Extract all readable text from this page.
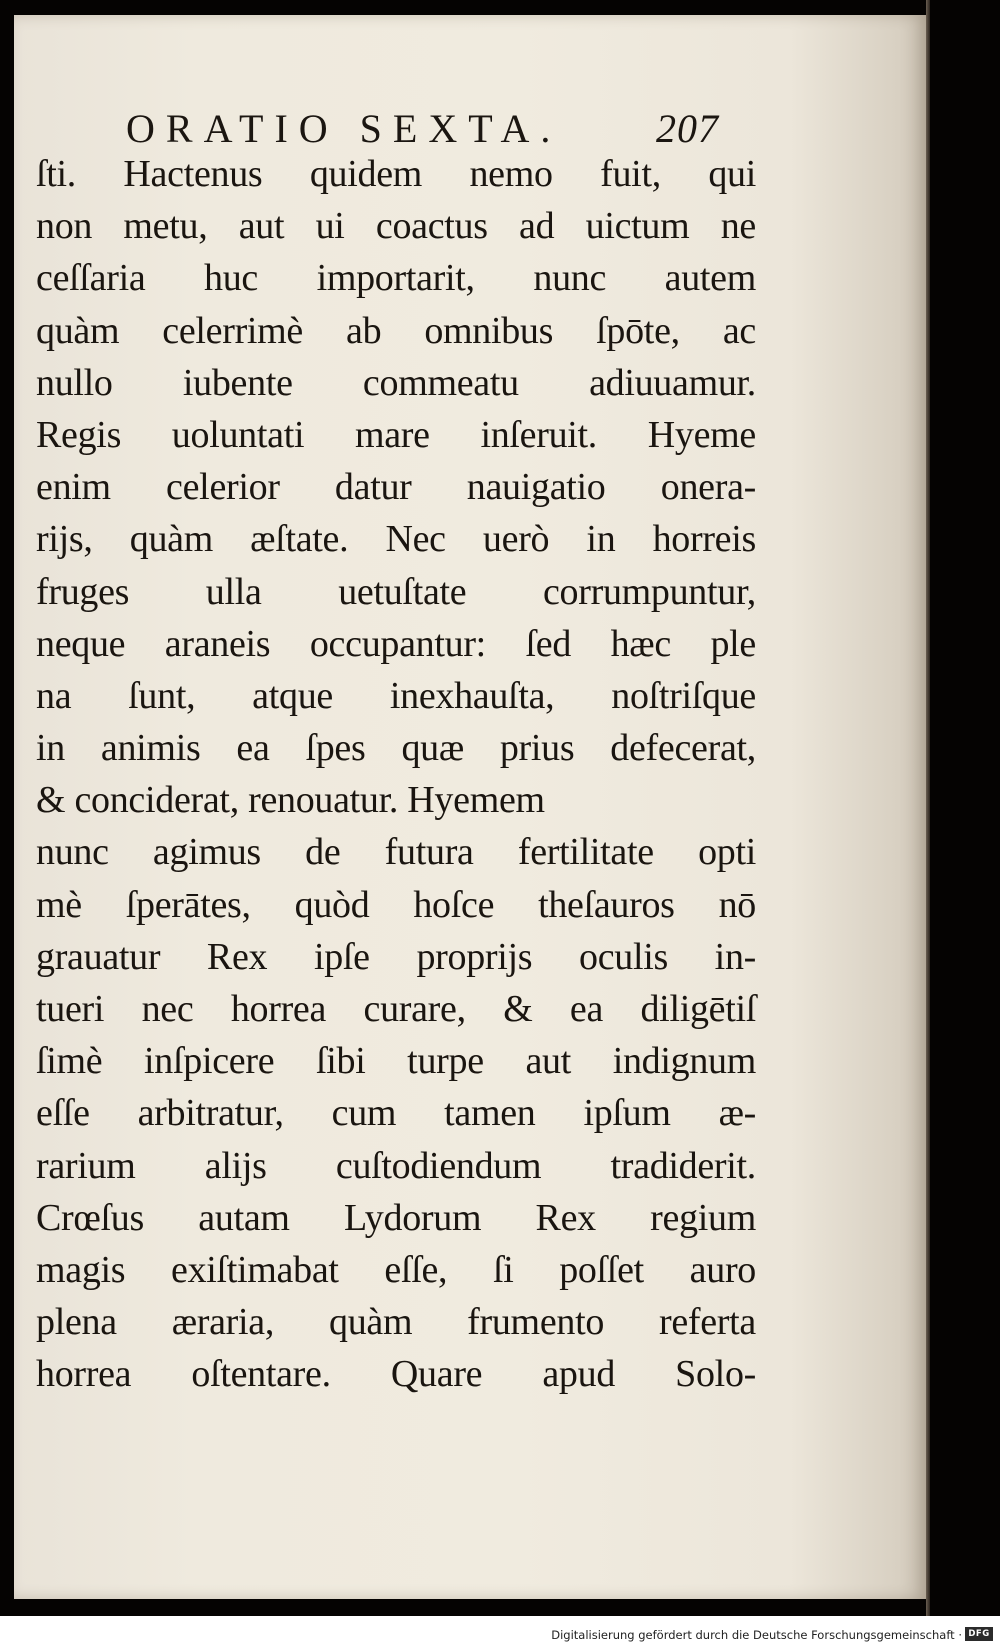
ORATIO SEXTA. 207
ſti. Hactenus quidem nemo fuit, qui
non metu, aut ui coactus ad uictum ne
ceſſaria huc importarit, nunc autem
quàm celerrimè ab omnibus ſpōte, ac
nullo iubente commeatu adiuuamur.
Regis uoluntati mare inſeruit. Hyeme
enim celerior datur nauigatio onera-
rijs, quàm æſtate. Nec uerò in horreis
fruges ulla uetuſtate corrumpuntur,
neque araneis occupantur: ſed hæc ple
na ſunt, atque inexhauſta, noſtriſque
in animis ea ſpes quæ prius defecerat,
& conciderat, renouatur. Hyemem
nunc agimus de futura fertilitate opti
mè ſperātes, quòd hoſce theſauros nō
grauatur Rex ipſe proprijs oculis in-
tueri nec horrea curare, & ea diligētiſ
ſimè inſpicere ſibi turpe aut indignum
eſſe arbitratur, cum tamen ipſum æ-
rarium alijs cuſtodiendum tradiderit.
Crœſus autam Lydorum Rex regium
magis exiſtimabat eſſe, ſi poſſet auro
plena æraria, quàm frumento referta
horrea oſtentare. Quare apud Solo-
Digitalisierung gefördert durch die Deutsche Forschungsgemeinschaft · DFG
